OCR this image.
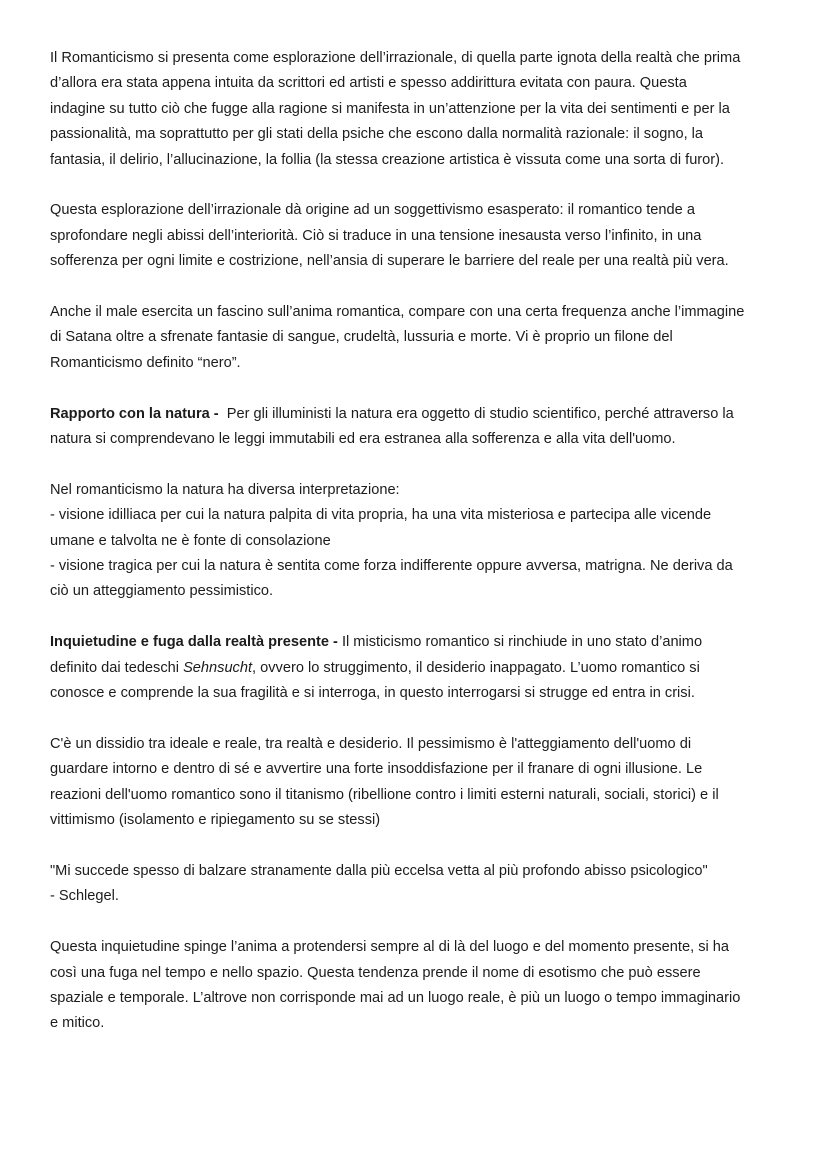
Il Romanticismo si presenta come esplorazione dell’irrazionale, di quella parte ignota della realtà che prima
d’allora era stata appena intuita da scrittori ed artisti e spesso addirittura evitata con paura. Questa
indagine su tutto ciò che fugge alla ragione si manifesta in un’attenzione per la vita dei sentimenti e per la
passionalità, ma soprattutto per gli stati della psiche che escono dalla normalità razionale: il sogno, la
fantasia, il delirio, l’allucinazione, la follia (la stessa creazione artistica è vissuta come una sorta di furor).
Questa esplorazione dell’irrazionale dà origine ad un soggettivismo esasperato: il romantico tende a
sprofondare negli abissi dell’interiorità. Ciò si traduce in una tensione inesausta verso l’infinito, in una
sofferenza per ogni limite e costrizione, nell’ansia di superare le barriere del reale per una realtà più vera.
Anche il male esercita un fascino sull’anima romantica, compare con una certa frequenza anche l’immagine
di Satana oltre a sfrenate fantasie di sangue, crudeltà, lussuria e morte. Vi è proprio un filone del
Romanticismo definito “nero”.
Rapporto con la natura -  Per gli illuministi la natura era oggetto di studio scientifico, perché attraverso la
natura si comprendevano le leggi immutabili ed era estranea alla sofferenza e alla vita dell'uomo.
Nel romanticismo la natura ha diversa interpretazione:
- visione idilliaca per cui la natura palpita di vita propria, ha una vita misteriosa e partecipa alle vicende
umane e talvolta ne è fonte di consolazione
- visione tragica per cui la natura è sentita come forza indifferente oppure avversa, matrigna. Ne deriva da
ciò un atteggiamento pessimistico.
Inquietudine e fuga dalla realtà presente - Il misticismo romantico si rinchiude in uno stato d’animo
definito dai tedeschi Sehnsucht, ovvero lo struggimento, il desiderio inappagato. L’uomo romantico si
conosce e comprende la sua fragilità e si interroga, in questo interrogarsi si strugge ed entra in crisi.
C'è un dissidio tra ideale e reale, tra realtà e desiderio. Il pessimismo è l'atteggiamento dell'uomo di
guardare intorno e dentro di sé e avvertire una forte insoddisfazione per il franare di ogni illusione. Le
reazioni dell'uomo romantico sono il titanismo (ribellione contro i limiti esterni naturali, sociali, storici) e il
vittimismo (isolamento e ripiegamento su se stessi)
"Mi succede spesso di balzare stranamente dalla più eccelsa vetta al più profondo abisso psicologico"
- Schlegel.
Questa inquietudine spinge l’anima a protendersi sempre al di là del luogo e del momento presente, si ha
così una fuga nel tempo e nello spazio. Questa tendenza prende il nome di esotismo che può essere
spaziale e temporale. L’altrove non corrisponde mai ad un luogo reale, è più un luogo o tempo immaginario
e mitico.
